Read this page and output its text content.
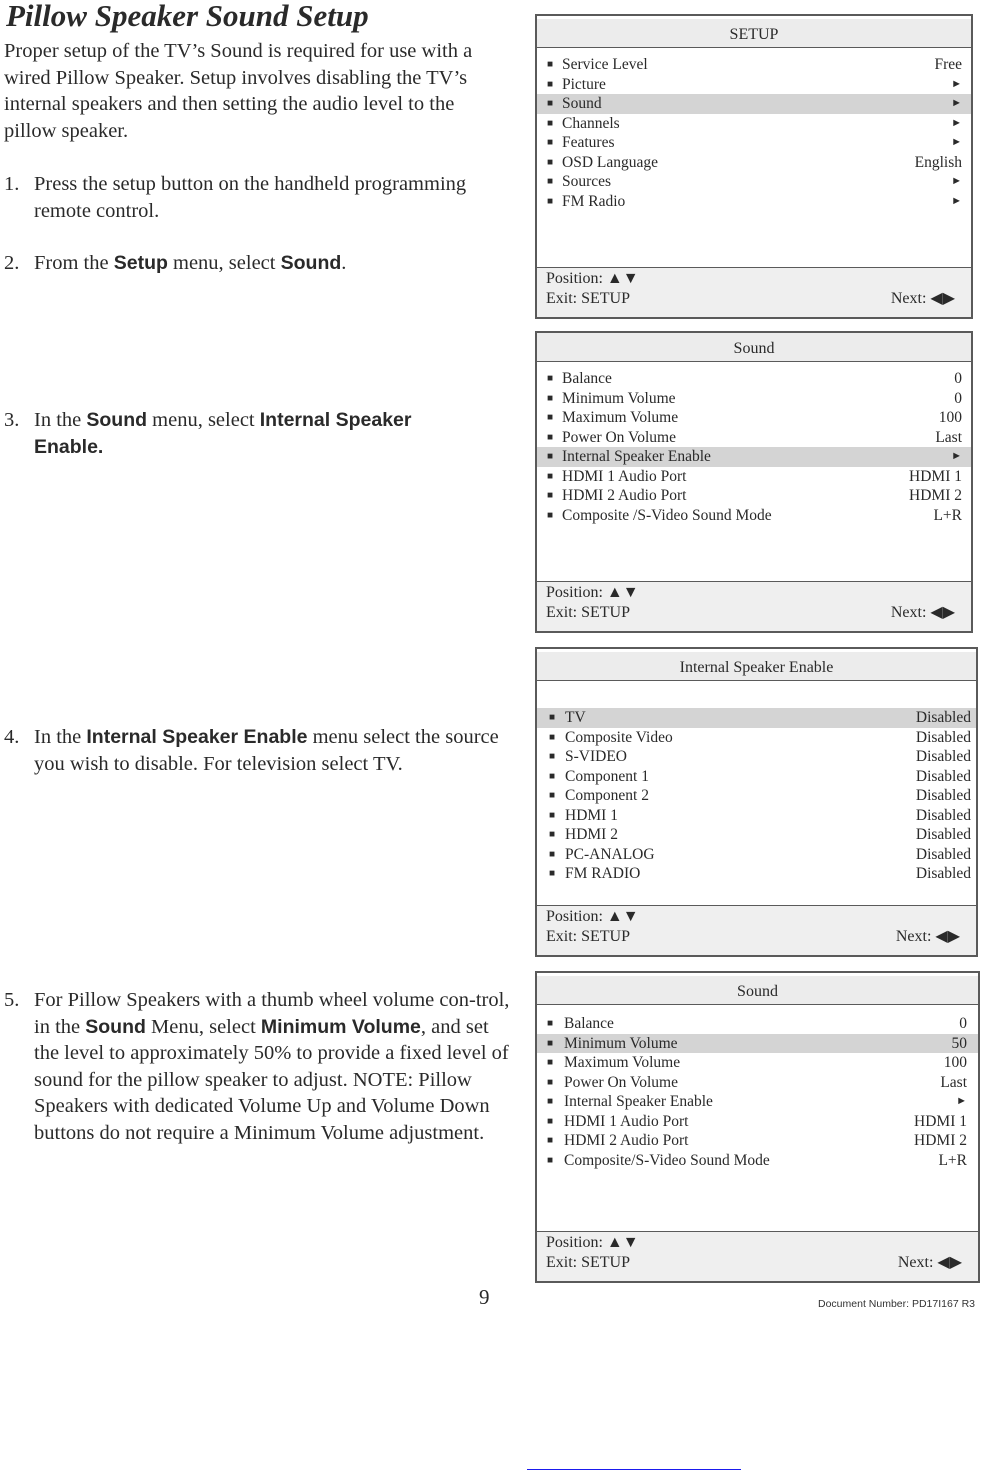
Pillow Speaker Sound Setup

Proper setup of the TV’s Sound is required for use with a wired Pillow Speaker. Setup involves disabling the TV’s internal speakers and then setting the audio level to the pillow speaker.

1. Press the setup button on the handheld programming remote control.
2. From the Setup menu, select Sound.
3. In the Sound menu, select Internal Speaker Enable.
4. In the Internal Speaker Enable menu select the source you wish to disable. For television select TV.
5. For Pillow Speakers with a thumb wheel volume con-trol, in the Sound Menu, select Minimum Volume, and set the level to approximately 50% to provide a fixed level of sound for the pillow speaker to adjust. NOTE: Pillow Speakers with dedicated Volume Up and Volume Down buttons do not require a Minimum Volume adjustment.
SETUP
■ Service Level	Free
■ Picture	►
■ Sound	►
■ Channels	►
■ Features	►
■ OSD Language	English
■ Sources	►
■ FM Radio	►
Position: ▲▼
Exit: SETUP	Next: ◀▶
Sound
■ Balance	0
■ Minimum Volume	0
■ Maximum Volume	100
■ Power On Volume	Last
■ Internal Speaker Enable	►
■ HDMI 1 Audio Port	HDMI 1
■ HDMI 2 Audio Port	HDMI 2
■ Composite /S-Video Sound Mode	L+R
Position: ▲▼
Exit: SETUP	Next: ◀▶
Internal Speaker Enable
■ TV	Disabled
■ Composite Video	Disabled
■ S-VIDEO	Disabled
■ Component 1	Disabled
■ Component 2	Disabled
■ HDMI 1	Disabled
■ HDMI 2	Disabled
■ PC-ANALOG	Disabled
■ FM RADIO	Disabled
Position: ▲▼
Exit: SETUP	Next: ◀▶
Sound
■ Balance	0
■ Minimum Volume	50
■ Maximum Volume	100
■ Power On Volume	Last
■ Internal Speaker Enable	►
■ HDMI 1 Audio Port	HDMI 1
■ HDMI 2 Audio Port	HDMI 2
■ Composite/S-Video Sound Mode	L+R
Position: ▲▼
Exit: SETUP	Next: ◀▶
9	Document Number: PD17I167 R3
